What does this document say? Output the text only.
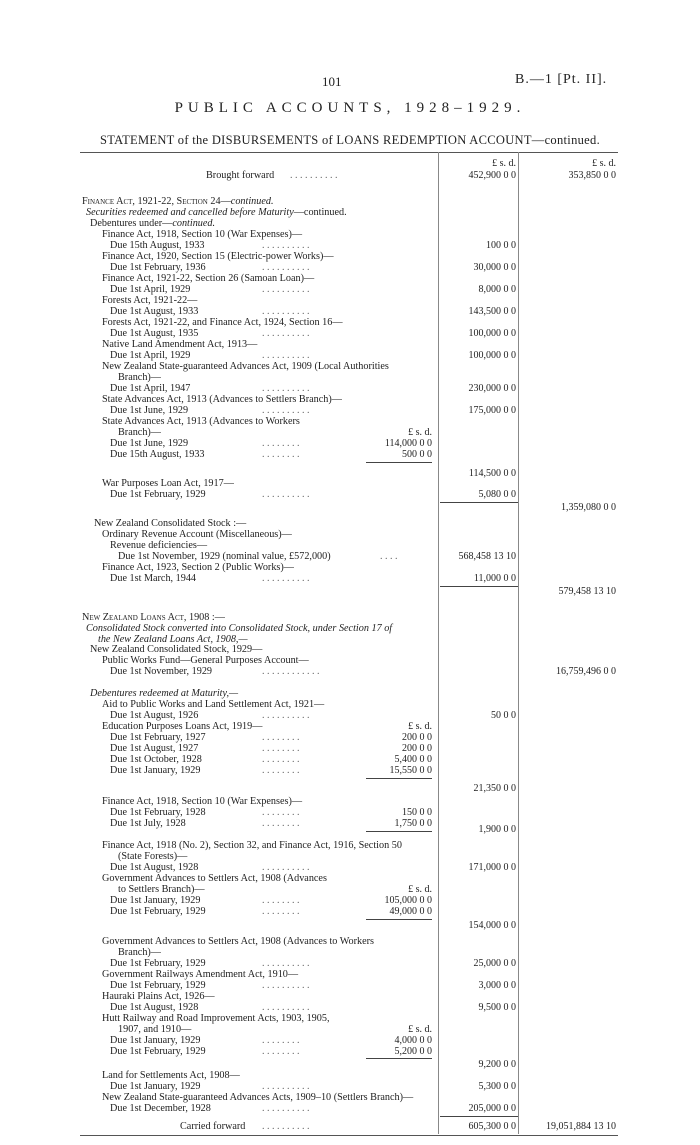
101	B.—1 [Pt. II].
PUBLIC ACCOUNTS, 1928–1929.
STATEMENT of the DISBURSEMENTS of LOANS REDEMPTION ACCOUNT—continued.
£ s. d.	£ s. d.
Brought forward . . . . . . . . . .	452,900 0 0	353,850 0 0
Finance Act, 1921-22, Section 24—continued.
Securities redeemed and cancelled before Maturity—continued.
Debentures under—continued.
Finance Act, 1918, Section 10 (War Expenses)—
Due 15th August, 1933	. . . . . . . . . .	100 0 0
Finance Act, 1920, Section 15 (Electric-power Works)—
Due 1st February, 1936	. . . . . . . . . .	30,000 0 0
Finance Act, 1921-22, Section 26 (Samoan Loan)—
Due 1st April, 1929	. . . . . . . . . .	8,000 0 0
Forests Act, 1921-22—
Due 1st August, 1933	. . . . . . . . . .	143,500 0 0
Forests Act, 1921-22, and Finance Act, 1924, Section 16—
Due 1st August, 1935	. . . . . . . . . .	100,000 0 0
Native Land Amendment Act, 1913—
Due 1st April, 1929	. . . . . . . . . .	100,000 0 0
New Zealand State-guaranteed Advances Act, 1909 (Local Authorities
Branch)—
Due 1st April, 1947	. . . . . . . . . .	230,000 0 0
State Advances Act, 1913 (Advances to Settlers Branch)—
Due 1st June, 1929	. . . . . . . . . .	175,000 0 0
State Advances Act, 1913 (Advances to Workers
Branch)—	£ s. d.
Due 1st June, 1929	. . . . . . . .	114,000 0 0
Due 15th August, 1933	. . . . . . . .	500 0 0
114,500 0 0
War Purposes Loan Act, 1917—
Due 1st February, 1929	. . . . . . . . . .	5,080 0 0
1,359,080 0 0
New Zealand Consolidated Stock :—
Ordinary Revenue Account (Miscellaneous)—
Revenue deficiencies—
Due 1st November, 1929 (nominal value, £572,000)	. . . .	568,458 13 10
Finance Act, 1923, Section 2 (Public Works)—
Due 1st March, 1944	. . . . . . . . . .	11,000 0 0
579,458 13 10
New Zealand Loans Act, 1908 :—
Consolidated Stock converted into Consolidated Stock, under Section 17 of
the New Zealand Loans Act, 1908,—
New Zealand Consolidated Stock, 1929—
Public Works Fund—General Purposes Account—
Due 1st November, 1929	. . . . . . . . . . . .	16,759,496 0 0
Debentures redeemed at Maturity,—
Aid to Public Works and Land Settlement Act, 1921—
Due 1st August, 1926	. . . . . . . . . .	50 0 0
Education Purposes Loans Act, 1919—	£ s. d.
Due 1st February, 1927	. . . . . . . .	200 0 0
Due 1st August, 1927	. . . . . . . .	200 0 0
Due 1st October, 1928	. . . . . . . .	5,400 0 0
Due 1st January, 1929	. . . . . . . .	15,550 0 0
21,350 0 0
Finance Act, 1918, Section 10 (War Expenses)—
Due 1st February, 1928	. . . . . . . .	150 0 0
Due 1st July, 1928	. . . . . . . .	1,750 0 0
1,900 0 0
Finance Act, 1918 (No. 2), Section 32, and Finance Act, 1916, Section 50
(State Forests)—
Due 1st August, 1928	. . . . . . . . . .	171,000 0 0
Government Advances to Settlers Act, 1908 (Advances
to Settlers Branch)—	£ s. d.
Due 1st January, 1929	. . . . . . . .	105,000 0 0
Due 1st February, 1929	. . . . . . . .	49,000 0 0
154,000 0 0
Government Advances to Settlers Act, 1908 (Advances to Workers
Branch)—
Due 1st February, 1929	. . . . . . . . . .	25,000 0 0
Government Railways Amendment Act, 1910—
Due 1st February, 1929	. . . . . . . . . .	3,000 0 0
Hauraki Plains Act, 1926—
Due 1st August, 1928	. . . . . . . . . .	9,500 0 0
Hutt Railway and Road Improvement Acts, 1903, 1905,
1907, and 1910—	£ s. d.
Due 1st January, 1929	. . . . . . . .	4,000 0 0
Due 1st February, 1929	. . . . . . . .	5,200 0 0
9,200 0 0
Land for Settlements Act, 1908—
Due 1st January, 1929	. . . . . . . . . .	5,300 0 0
New Zealand State-guaranteed Advances Acts, 1909–10 (Settlers Branch)—
Due 1st December, 1928	. . . . . . . . . .	205,000 0 0
Carried forward . . . . . . . . . .	605,300 0 0	19,051,884 13 10
